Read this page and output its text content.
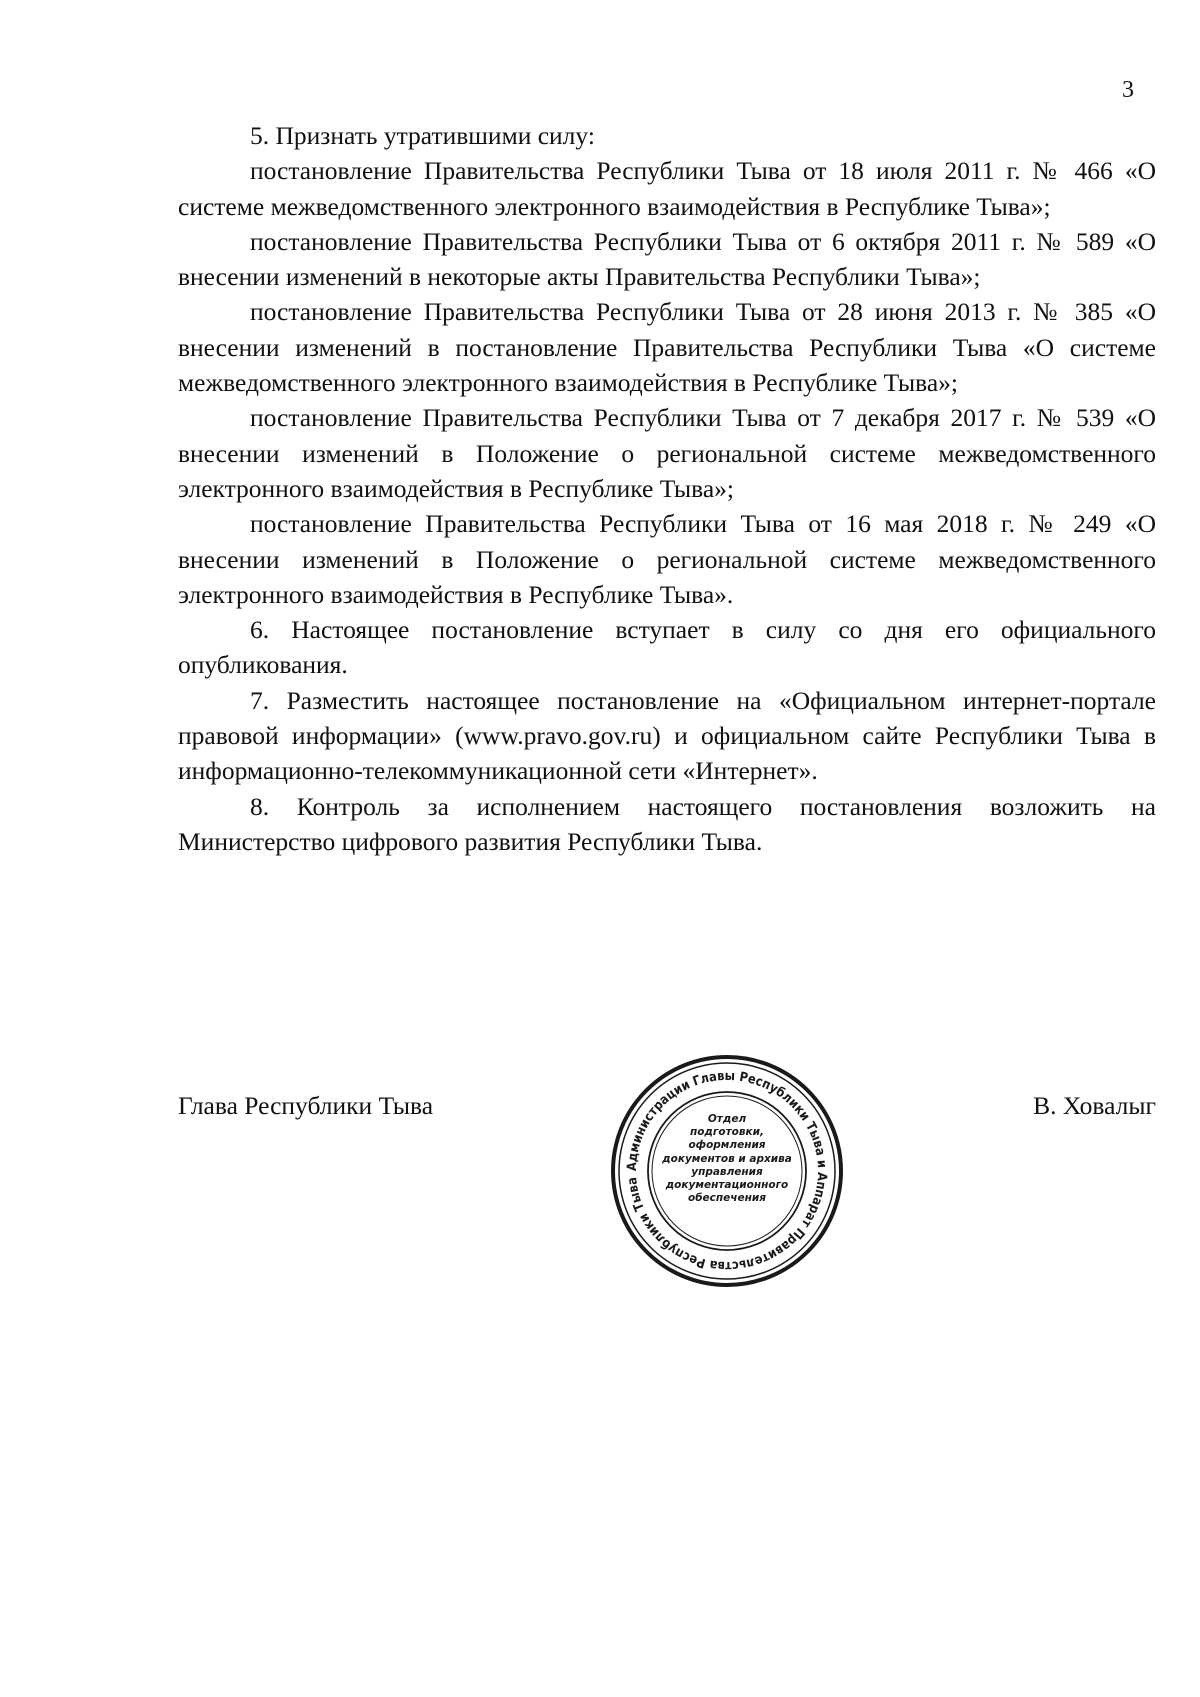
3

5. Признать утратившими силу:

постановление Правительства Республики Тыва от 18 июля 2011 г. № 466 «О системе межведомственного электронного взаимодействия в Республике Тыва»;

постановление Правительства Республики Тыва от 6 октября 2011 г. № 589 «О внесении изменений в некоторые акты Правительства Республики Тыва»;

постановление Правительства Республики Тыва от 28 июня 2013 г. № 385 «О внесении изменений в постановление Правительства Республики Тыва «О системе межведомственного электронного взаимодействия в Республике Тыва»;

постановление Правительства Республики Тыва от 7 декабря 2017 г. № 539 «О внесении изменений в Положение о региональной системе межведомственного электронного взаимодействия в Республике Тыва»;

постановление Правительства Республики Тыва от 16 мая 2018 г. № 249 «О внесении изменений в Положение о региональной системе межведомственного электронного взаимодействия в Республике Тыва».

6. Настоящее постановление вступает в силу со дня его официального опубликования.

7. Разместить настоящее постановление на «Официальном интернет-портале правовой информации» (www.pravo.gov.ru) и официальном сайте Республики Тыва в информационно-телекоммуникационной сети «Интернет».

8. Контроль за исполнением настоящего постановления возложить на Министерство цифрового развития Республики Тыва.

Глава Республики Тыва	В. Ховалыг
Администрации Главы Республики Тыва и Аппарат Правительства Республики Тыва
Отдел
подготовки,
оформления
документов и архива
управления
документационного
обеспечения
